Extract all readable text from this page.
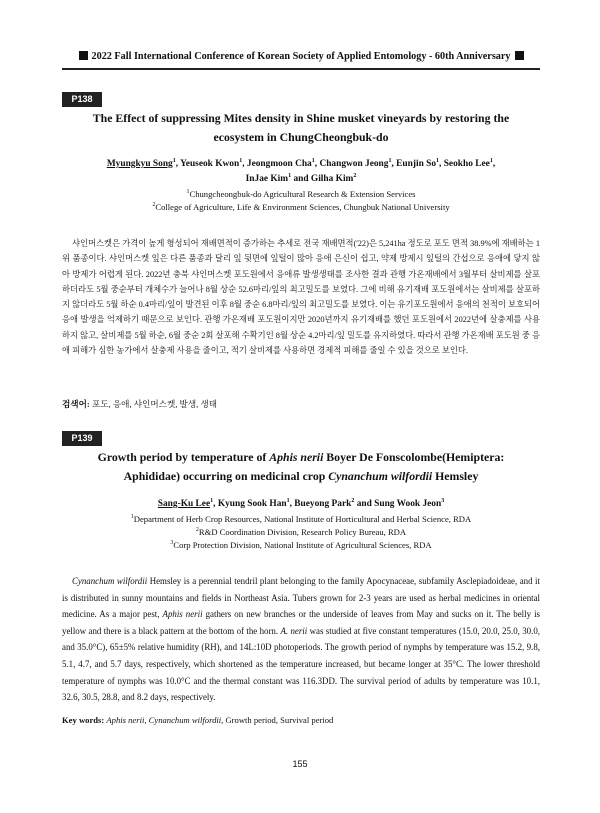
2022 Fall International Conference of Korean Society of Applied Entomology - 60th Anniversary
P138
The Effect of suppressing Mites density in Shine musket vineyards by restoring the
ecosystem in ChungCheongbuk-do
Myungkyu Song$^1$, Yeuseok Kwon$^1$, Jeongmoon Cha$^1$, Changwon Jeong$^1$, Eunjin So$^1$, Seokho Lee$^1$,
InJae Kim$^1$ and Gilha Kim$^2$
$^1$Chungcheongbuk-do Agricultural Research & Extension Services
$^2$College of Agriculture, Life & Environment Sciences, Chungbuk National University
샤인머스켓은 가격이 높게 형성되어 재배면적이 증가하는 추세로 전국 재배면적('22)은 5,241ha 정도로 포도 면적 38.9%에 재배하는 1위 품종이다. 샤인머스켓 잎은 다른 품종과 달리 잎 뒷면에 잎털이 많아 응애 은신이 쉽고, 약제 방제시 잎털의 간섭으로 응애에 닿지 않아 방제가 어렵게 된다. 2022년 충북 샤인머스켓 포도원에서 응애류 발생생태를 조사한 결과 관행 가온재배에서 3월부터 살비제를 살포하더라도 5월 중순부터 개체수가 늘어나 8월 상순 52.6마리/잎의 최고밀도를 보였다. 그에 비해 유기재배 포도원에서는 살비제를 살포하지 않더라도 5월 하순 0.4마리/잎이 발견된 이후 8월 중순 6.8마리/잎의 최고밀도를 보였다. 이는 유기포도원에서 응애의 천적이 보호되어 응애 발생을 억제하기 때문으로 보인다. 관행 가온재배 포도원이지만 2020년까지 유기재배를 했던 포도원에서 2022년에 살충제를 사용하지 않고, 살비제를 5월 하순, 6월 중순 2회 살포해 수확기인 8월 상순 4.2마리/잎 밀도를 유지하였다. 따라서 관행 가온재배 포도원 중 응애 피해가 심한 농가에서 살충제 사용을 줄이고, 적기 살비제를 사용하면 경제적 피해를 줄일 수 있을 것으로 보인다.
검색어: 포도, 응애, 샤인머스켓, 발생, 생태
P139
Growth period by temperature of Aphis nerii Boyer De Fonscolombe(Hemiptera:
Aphididae) occurring on medicinal crop Cynanchum wilfordii Hemsley
Sang-Ku Lee$^1$, Kyung Sook Han$^1$, Bueyong Park$^2$ and Sung Wook Jeon$^3$
$^1$Department of Herb Crop Resources, National Institute of Horticultural and Herbal Science, RDA
$^2$R&D Coordination Division, Research Policy Bureau, RDA
$^3$Corp Protection Division, National Institute of Agricultural Sciences, RDA
Cynanchum wilfordii Hemsley is a perennial tendril plant belonging to the family Apocynaceae, subfamily Asclepiadoideae, and it is distributed in sunny mountains and fields in Northeast Asia. Tubers grown for 2-3 years are used as herbal medicines in oriental medicine. As a major pest, Aphis nerii gathers on new branches or the underside of leaves from May and sucks on it. The belly is yellow and there is a black pattern at the bottom of the horn. A. nerii was studied at five constant temperatures (15.0, 20.0, 25.0, 30.0, and 35.0°C), 65±5% relative humidity (RH), and 14L:10D photoperiods. The growth period of nymphs by temperature was 15.2, 9.8, 5.1, 4.7, and 5.7 days, respectively, which shortened as the temperature increased, but became longer at 35°C. The lower threshold temperature of nymphs was 10.0°C and the thermal constant was 116.3DD. The survival period of adults by temperature was 10.1, 32.6, 30.5, 28.8, and 8.2 days, respectively.
Key words: Aphis nerii, Cynanchum wilfordii, Growth period, Survival period
155
